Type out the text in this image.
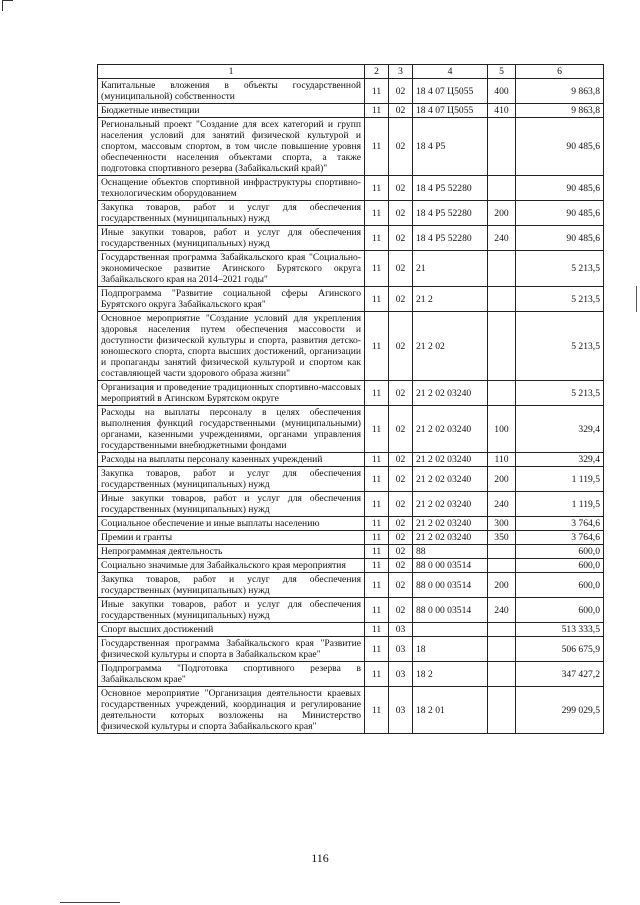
1	2	3	4	5	6
Капитальные вложения в объекты государственной (муниципальной) собственности	11	02	18 4 07 Ц5055	400	9 863,8
Бюджетные инвестиции	11	02	18 4 07 Ц5055	410	9 863,8
Региональный проект "Создание для всех категорий и групп населения условий для занятий физической культурой и спортом, массовым спортом, в том числе повышение уровня обеспеченности населения объектами спорта, а также подготовка спортивного резерва (Забайкальский край)"	11	02	18 4 P5		90 485,6
Оснащение объектов спортивной инфраструктуры спортивно-технологическим оборудованием	11	02	18 4 P5 52280		90 485,6
Закупка товаров, работ и услуг для обеспечения государственных (муниципальных) нужд	11	02	18 4 P5 52280	200	90 485,6
Иные закупки товаров, работ и услуг для обеспечения государственных (муниципальных) нужд	11	02	18 4 P5 52280	240	90 485,6
Государственная программа Забайкальского края "Социально-экономическое развитие Агинского Бурятского округа Забайкальского края на 2014–2021 годы"	11	02	21		5 213,5
Подпрограмма "Развитие социальной сферы Агинского Бурятского округа Забайкальского края"	11	02	21 2		5 213,5
Основное мероприятие "Создание условий для укрепления здоровья населения путем обеспечения массовости и доступности физической культуры и спорта, развития детско-юношеского спорта, спорта высших достижений, организации и пропаганды занятий физической культурой и спортом как составляющей части здорового образа жизни"	11	02	21 2 02		5 213,5
Организация и проведение традиционных спортивно-массовых мероприятий в Агинском Бурятском округе	11	02	21 2 02 03240		5 213,5
Расходы на выплаты персоналу в целях обеспечения выполнения функций государственными (муниципальными) органами, казенными учреждениями, органами управления государственными внебюджетными фондами	11	02	21 2 02 03240	100	329,4
Расходы на выплаты персоналу казенных учреждений	11	02	21 2 02 03240	110	329,4
Закупка товаров, работ и услуг для обеспечения государственных (муниципальных) нужд	11	02	21 2 02 03240	200	1 119,5
Иные закупки товаров, работ и услуг для обеспечения государственных (муниципальных) нужд	11	02	21 2 02 03240	240	1 119,5
Социальное обеспечение и иные выплаты населению	11	02	21 2 02 03240	300	3 764,6
Премии и гранты	11	02	21 2 02 03240	350	3 764,6
Непрограммная деятельность	11	02	88		600,0
Социально значимые для Забайкальского края мероприятия	11	02	88 0 00 03514		600,0
Закупка товаров, работ и услуг для обеспечения государственных (муниципальных) нужд	11	02	88 0 00 03514	200	600,0
Иные закупки товаров, работ и услуг для обеспечения государственных (муниципальных) нужд	11	02	88 0 00 03514	240	600,0
Спорт высших достижений	11	03			513 333,5
Государственная программа Забайкальского края "Развитие физической культуры и спорта в Забайкальском крае"	11	03	18		506 675,9
Подпрограмма "Подготовка спортивного резерва в Забайкальском крае"	11	03	18 2		347 427,2
Основное мероприятие "Организация деятельности краевых государственных учреждений, координация и регулирование деятельности которых возложены на Министерство физической культуры и спорта Забайкальского края"	11	03	18 2 01		299 029,5
116
